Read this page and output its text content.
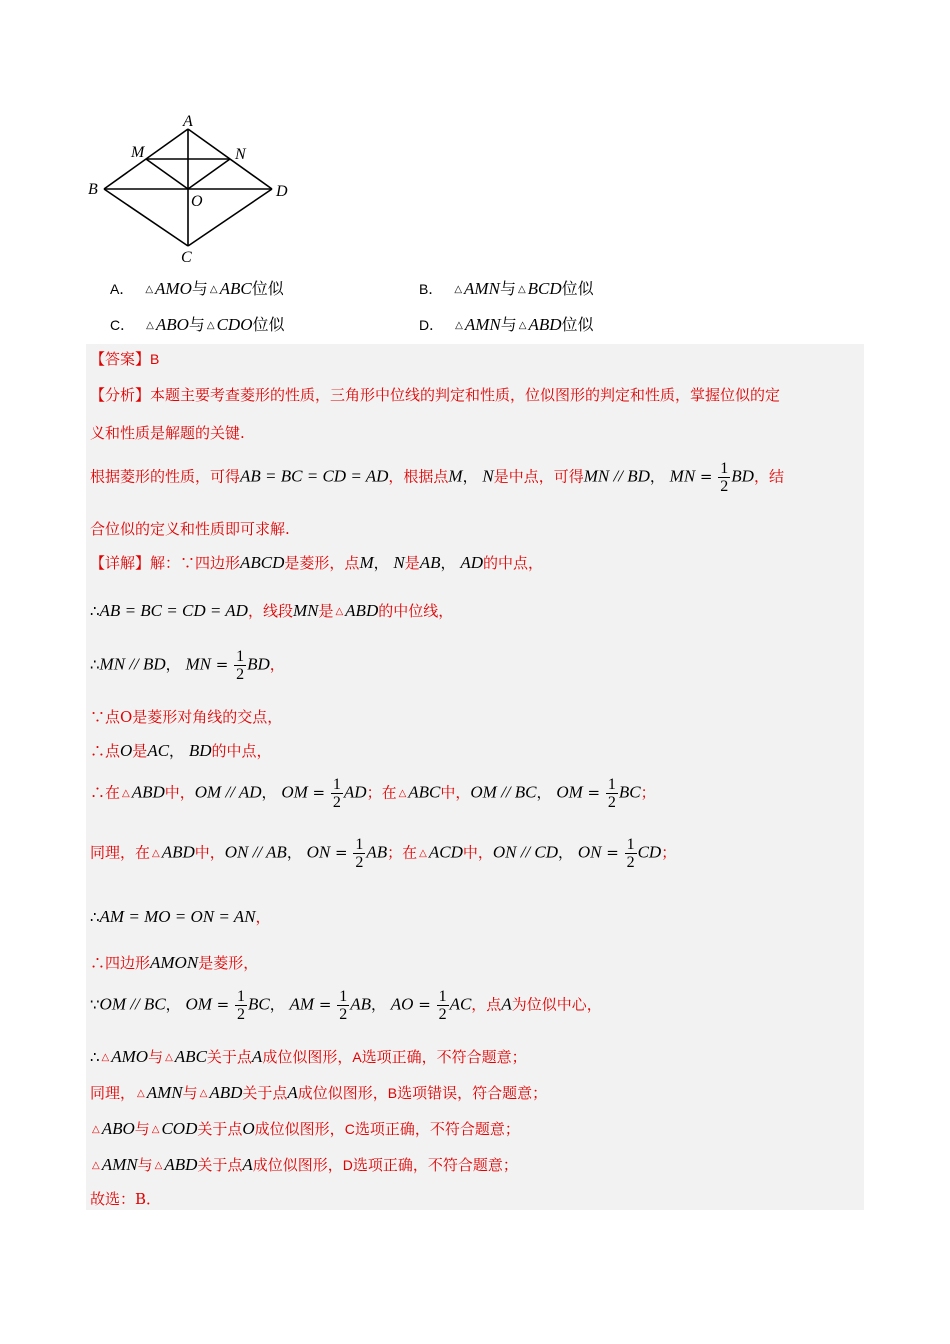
A
M	N
B
O
D
C
A． △ AMO与 △ ABC位似	B． △ AMN与 △ BCD位似
C． △ ABO与 △ CDO位似	D． △ AMN与 △ ABD位似
【答案】B
【分析】本题主要考查菱形的性质，三角形中位线的判定和性质，位似图形的判定和性质，掌握位似的定
义和性质是解题的关键.
根据菱形的性质，可得AB = BC = CD = AD，根据点M， N是中点，可得MN // BD， MN = $\frac{1}{2}$ BD，结
合位似的定义和性质即可求解.
【详解】解：∵四边形ABCD是菱形，点M， N是AB， AD的中点，
∴AB = BC = CD = AD，线段MN是 △ ABD的中位线，
∴MN // BD， MN = $\frac{1}{2}$ BD，
∵点O是菱形对角线的交点，
∴点O是AC， BD的中点，
∴在 △ ABD中，OM // AD， OM = $\frac{1}{2}$ AD；在 △ ABC中，OM // BC， OM = $\frac{1}{2}$ BC；
同理，在 △ ABD中，ON // AB， ON = $\frac{1}{2}$ AB；在 △ ACD中，ON // CD， ON = $\frac{1}{2}$ CD；
∴AM = MO = ON = AN，
∴四边形AMON是菱形，
∵OM // BC， OM = $\frac{1}{2}$ BC， AM = $\frac{1}{2}$ AB， AO = $\frac{1}{2}$ AC，点A为位似中心，
∴ △ AMO与 △ ABC关于点A成位似图形，A选项正确，不符合题意；
同理， △ AMN与 △ ABD关于点A成位似图形，B选项错误，符合题意；
△ ABO与 △ COD关于点O成位似图形，C选项正确，不符合题意；
△ AMN与 △ ABD关于点A成位似图形，D选项正确，不符合题意；
故选：B．
